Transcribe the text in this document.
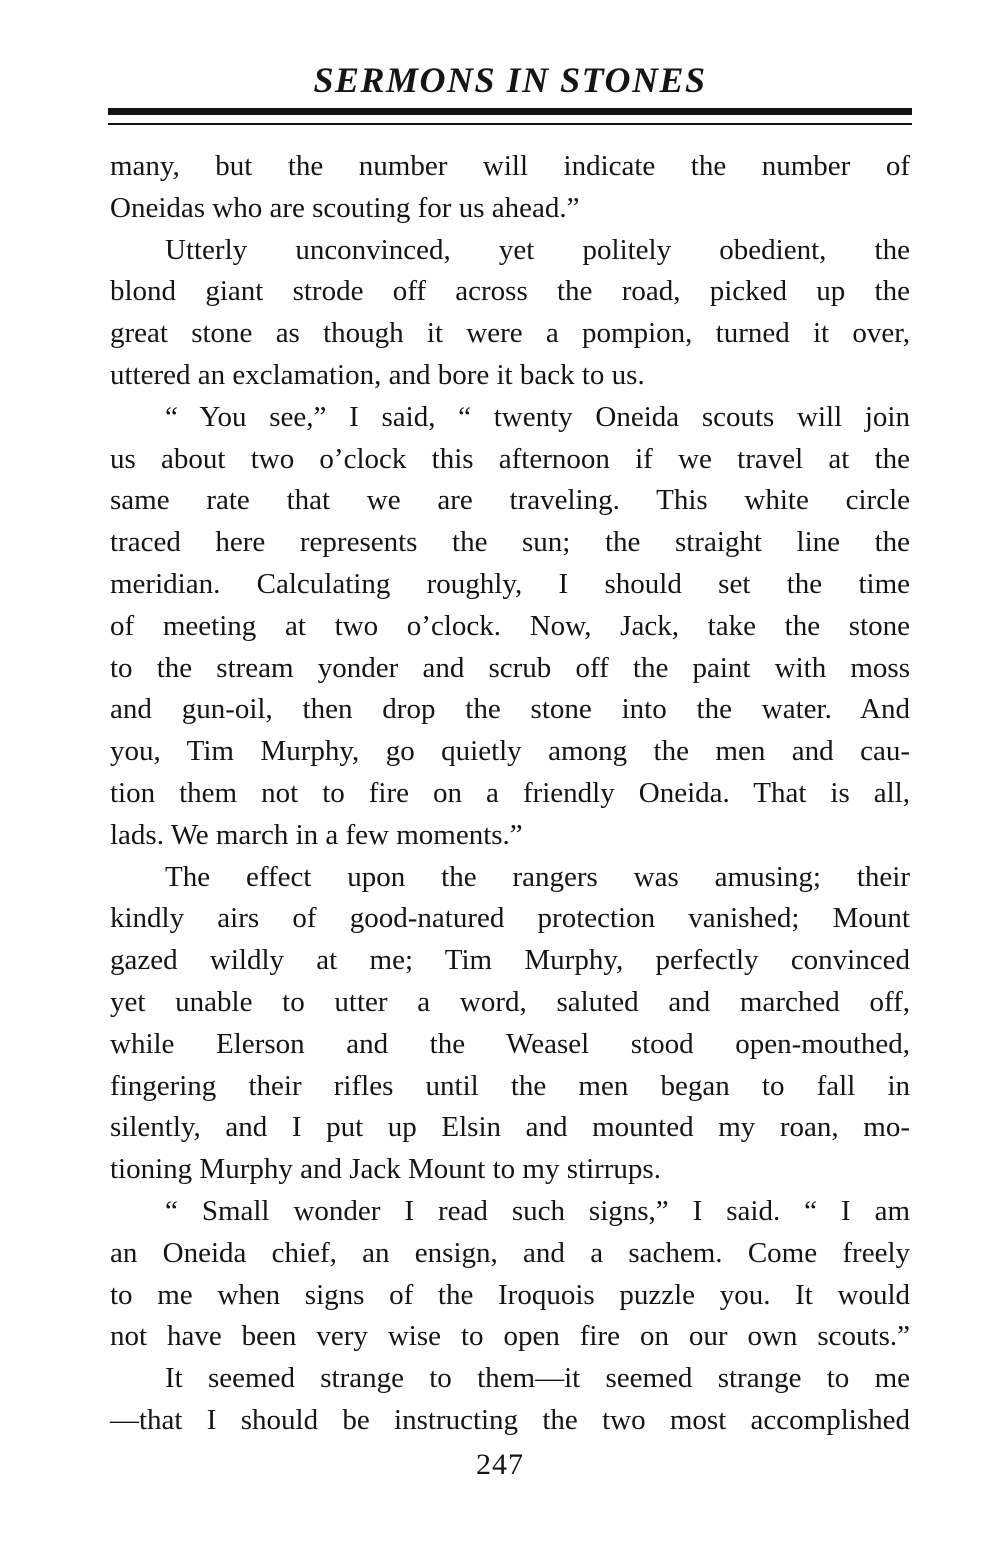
SERMONS IN STONES
many, but the number will indicate the number of
Oneidas who are scouting for us ahead.”
Utterly unconvinced, yet politely obedient, the
blond giant strode off across the road, picked up the
great stone as though it were a pompion, turned it over,
uttered an exclamation, and bore it back to us.
“ You see,” I said, “ twenty Oneida scouts will join
us about two o’clock this afternoon if we travel at the
same rate that we are traveling. This white circle
traced here represents the sun; the straight line the
meridian. Calculating roughly, I should set the time
of meeting at two o’clock. Now, Jack, take the stone
to the stream yonder and scrub off the paint with moss
and gun-oil, then drop the stone into the water. And
you, Tim Murphy, go quietly among the men and cau-
tion them not to fire on a friendly Oneida. That is all,
lads. We march in a few moments.”
The effect upon the rangers was amusing; their
kindly airs of good-natured protection vanished; Mount
gazed wildly at me; Tim Murphy, perfectly convinced
yet unable to utter a word, saluted and marched off,
while Elerson and the Weasel stood open-mouthed,
fingering their rifles until the men began to fall in
silently, and I put up Elsin and mounted my roan, mo-
tioning Murphy and Jack Mount to my stirrups.
“ Small wonder I read such signs,” I said. “ I am
an Oneida chief, an ensign, and a sachem. Come freely
to me when signs of the Iroquois puzzle you. It would
not have been very wise to open fire on our own scouts.”
It seemed strange to them—it seemed strange to me
—that I should be instructing the two most accomplished
247
